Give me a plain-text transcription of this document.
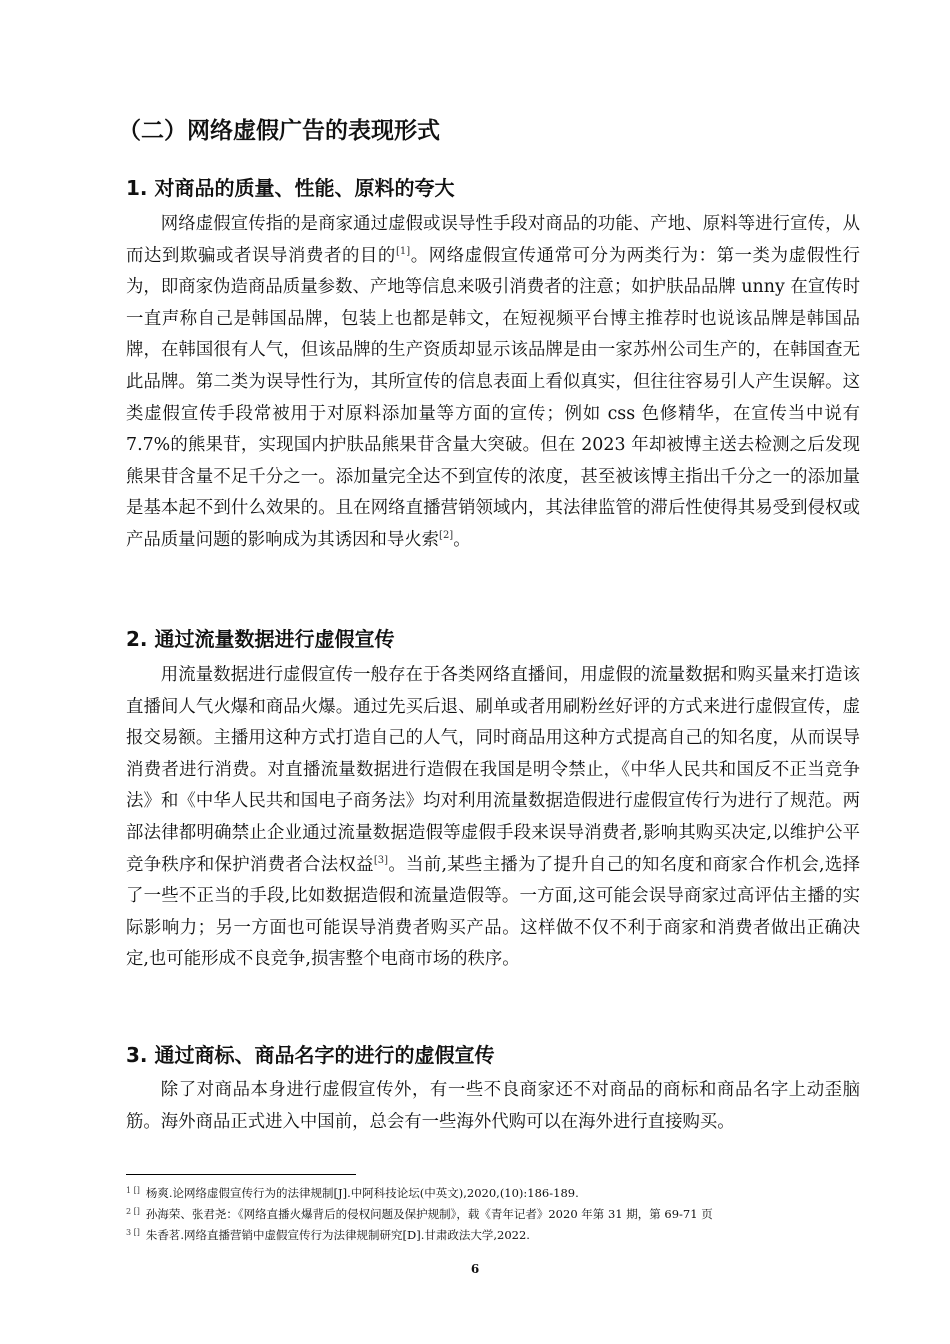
（二）网络虚假广告的表现形式
1. 对商品的质量、性能、原料的夸大

网络虚假宣传指的是商家通过虚假或误导性手段对商品的功能、产地、原料等进行宣传，从而达到欺骗或者误导消费者的目的[1]。网络虚假宣传通常可分为两类行为：第一类为虚假性行为，即商家伪造商品质量参数、产地等信息来吸引消费者的注意；如护肤品品牌 unny 在宣传时一直声称自己是韩国品牌，包装上也都是韩文，在短视频平台博主推荐时也说该品牌是韩国品牌，在韩国很有人气，但该品牌的生产资质却显示该品牌是由一家苏州公司生产的，在韩国查无此品牌。第二类为误导性行为，其所宣传的信息表面上看似真实，但往往容易引人产生误解。这类虚假宣传手段常被用于对原料添加量等方面的宣传；例如 css 色修精华，在宣传当中说有 7.7%的熊果苷，实现国内护肤品熊果苷含量大突破。但在 2023 年却被博主送去检测之后发现熊果苷含量不足千分之一。添加量完全达不到宣传的浓度，甚至被该博主指出千分之一的添加量是基本起不到什么效果的。且在网络直播营销领域内，其法律监管的滞后性使得其易受到侵权或产品质量问题的影响成为其诱因和导火索[2]。

2. 通过流量数据进行虚假宣传

用流量数据进行虚假宣传一般存在于各类网络直播间，用虚假的流量数据和购买量来打造该直播间人气火爆和商品火爆。通过先买后退、刷单或者用刷粉丝好评的方式来进行虚假宣传，虚报交易额。主播用这种方式打造自己的人气，同时商品用这种方式提高自己的知名度，从而误导消费者进行消费。对直播流量数据进行造假在我国是明令禁止，《中华人民共和国反不正当竞争法》和《中华人民共和国电子商务法》均对利用流量数据造假进行虚假宣传行为进行了规范。两部法律都明确禁止企业通过流量数据造假等虚假手段来误导消费者,影响其购买决定,以维护公平竞争秩序和保护消费者合法权益[3]。当前,某些主播为了提升自己的知名度和商家合作机会,选择了一些不正当的手段,比如数据造假和流量造假等。一方面,这可能会误导商家过高评估主播的实际影响力；另一方面也可能误导消费者购买产品。这样做不仅不利于商家和消费者做出正确决定,也可能形成不良竞争,损害整个电商市场的秩序。

3. 通过商标、商品名字的进行的虚假宣传

除了对商品本身进行虚假宣传外，有一些不良商家还不对商品的商标和商品名字上动歪脑筋。海外商品正式进入中国前，总会有一些海外代购可以在海外进行直接购买。

$^{1 []}$ 杨爽.论网络虚假宣传行为的法律规制[J].中阿科技论坛(中英文),2020,(10):186-189.
$^{2 []}$ 孙海荣、张君尧：《网络直播火爆背后的侵权问题及保护规制》，载《青年记者》2020 年第 31 期，第 69-71 页
$^{3 []}$ 朱香茗.网络直播营销中虚假宣传行为法律规制研究[D].甘肃政法大学,2022.
6
